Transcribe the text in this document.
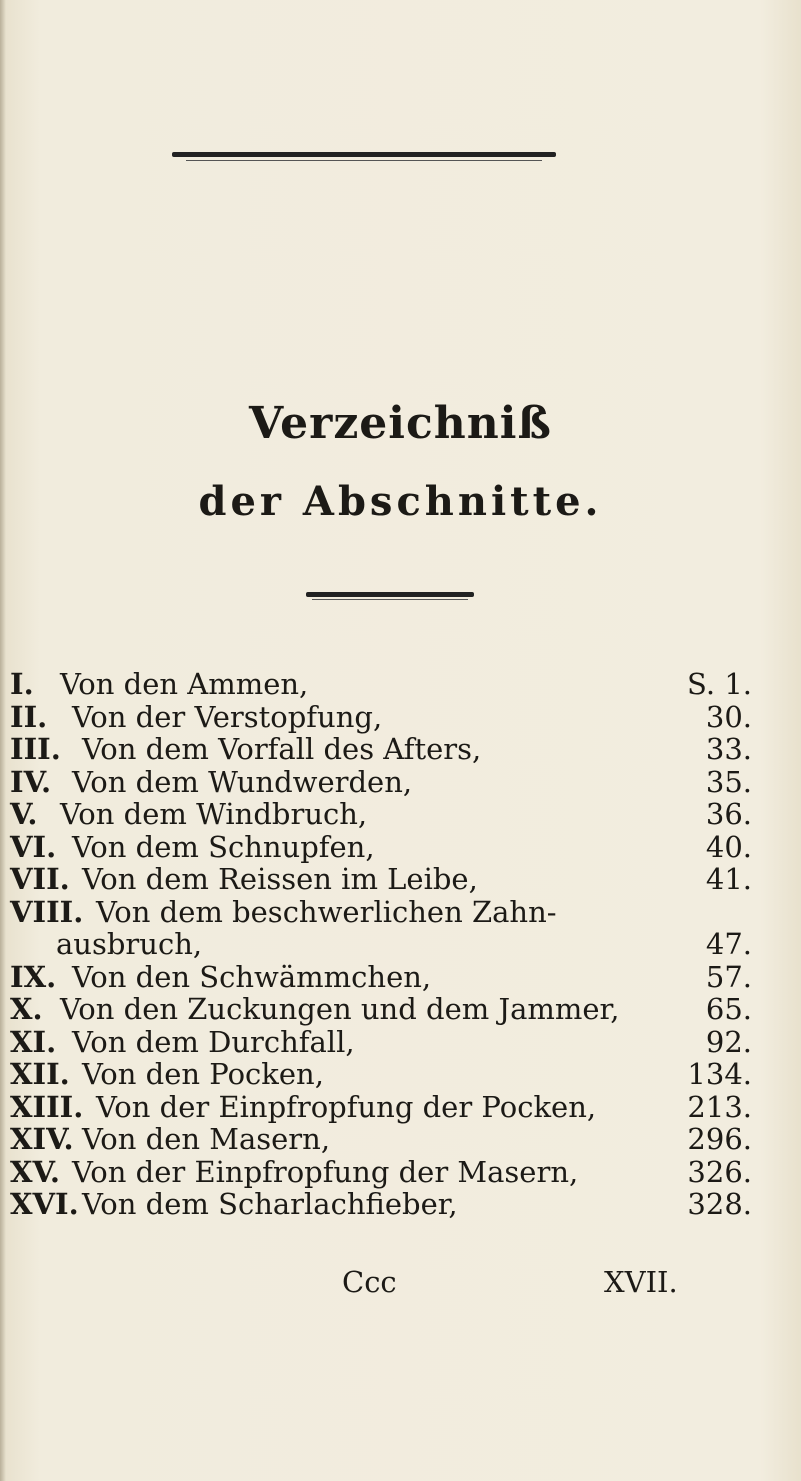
Verzeichniß
der Abschnitte.
I. Von den Ammen,	S. 1.
II. Von der Verstopfung,	30.
III. Von dem Vorfall des Afters,	33.
IV. Von dem Wundwerden,	35.
V. Von dem Windbruch,	36.
VI. Von dem Schnupfen,	40.
VII. Von dem Reissen im Leibe,	41.
VIII. Von dem beschwerlichen Zahn-
ausbruch,	47.
IX. Von den Schwämmchen,	57.
X. Von den Zuckungen und dem Jammer,	65.
XI. Von dem Durchfall,	92.
XII. Von den Pocken,	134.
XIII. Von der Einpfropfung der Pocken,	213.
XIV. Von den Masern,	296.
XV. Von der Einpfropfung der Masern,	326.
XVI. Von dem Scharlachfieber,	328.
Ccc	XVII.
